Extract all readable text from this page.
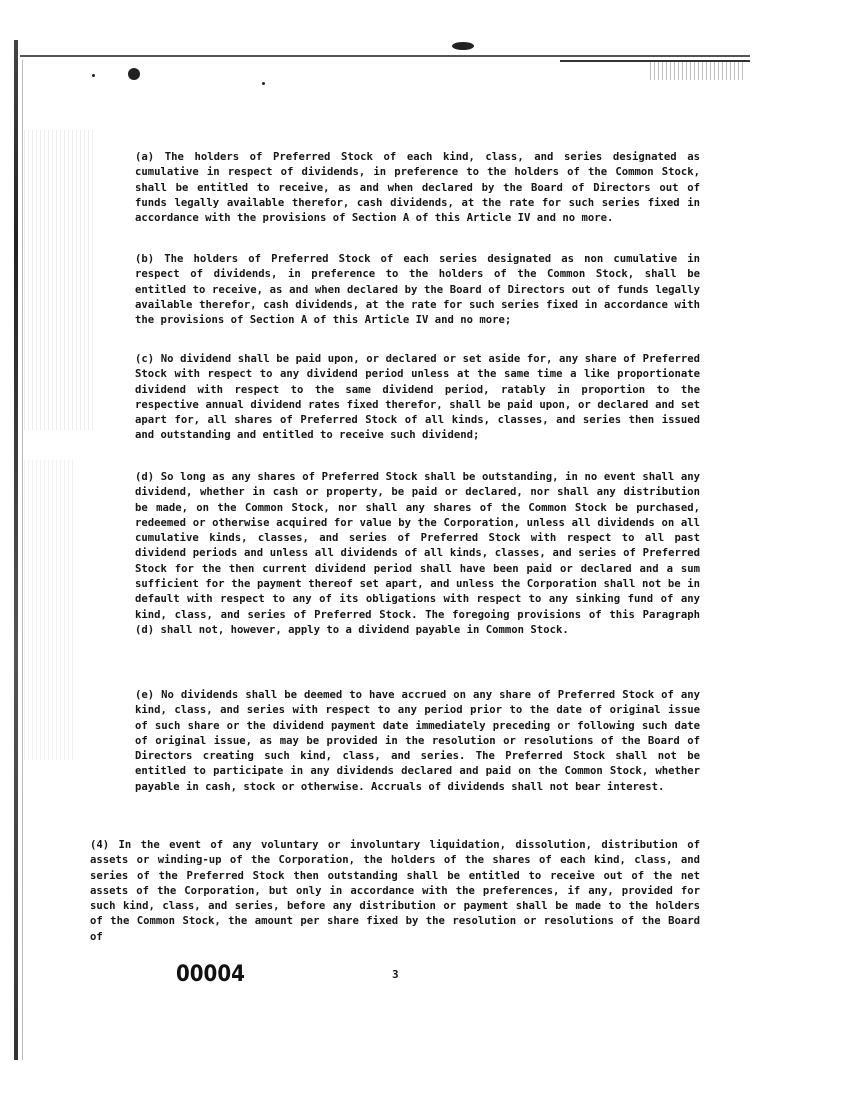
(a) The holders of Preferred Stock of each kind, class, and series designated as cumulative in respect of dividends, in preference to the holders of the Common Stock, shall be entitled to receive, as and when declared by the Board of Directors out of funds legally available therefor, cash dividends, at the rate for such series fixed in accordance with the provisions of Section A of this Article IV and no more.
(b) The holders of Preferred Stock of each series designated as non cumulative in respect of dividends, in preference to the holders of the Common Stock, shall be entitled to receive, as and when declared by the Board of Directors out of funds legally available therefor, cash dividends, at the rate for such series fixed in accordance with the provisions of Section A of this Article IV and no more;
(c) No dividend shall be paid upon, or declared or set aside for, any share of Preferred Stock with respect to any dividend period unless at the same time a like proportionate dividend with respect to the same dividend period, ratably in proportion to the respective annual dividend rates fixed therefor, shall be paid upon, or declared and set apart for, all shares of Preferred Stock of all kinds, classes, and series then issued and outstanding and entitled to receive such dividend;
(d) So long as any shares of Preferred Stock shall be outstanding, in no event shall any dividend, whether in cash or property, be paid or declared, nor shall any distribution be made, on the Common Stock, nor shall any shares of the Common Stock be purchased, redeemed or otherwise acquired for value by the Corporation, unless all dividends on all cumulative kinds, classes, and series of Preferred Stock with respect to all past dividend periods and unless all dividends of all kinds, classes, and series of Preferred Stock for the then current dividend period shall have been paid or declared and a sum sufficient for the payment thereof set apart, and unless the Corporation shall not be in default with respect to any of its obligations with respect to any sinking fund of any kind, class, and series of Preferred Stock. The foregoing provisions of this Paragraph (d) shall not, however, apply to a dividend payable in Common Stock.
(e) No dividends shall be deemed to have accrued on any share of Preferred Stock of any kind, class, and series with respect to any period prior to the date of original issue of such share or the dividend payment date immediately preceding or following such date of original issue, as may be provided in the resolution or resolutions of the Board of Directors creating such kind, class, and series. The Preferred Stock shall not be entitled to participate in any dividends declared and paid on the Common Stock, whether payable in cash, stock or otherwise. Accruals of dividends shall not bear interest.
(4) In the event of any voluntary or involuntary liquidation, dissolution, distribution of assets or winding-up of the Corporation, the holders of the shares of each kind, class, and series of the Preferred Stock then outstanding shall be entitled to receive out of the net assets of the Corporation, but only in accordance with the preferences, if any, provided for such kind, class, and series, before any distribution or payment shall be made to the holders of the Common Stock, the amount per share fixed by the resolution or resolutions of the Board of
00004	3
